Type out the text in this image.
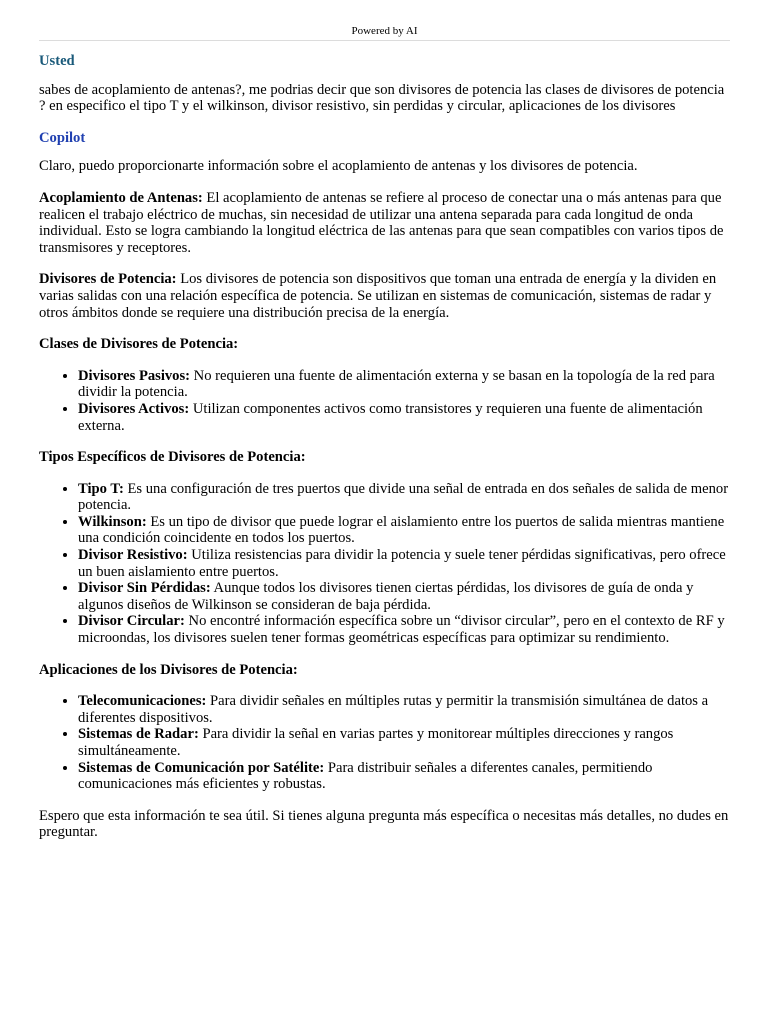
Powered by AI
Usted

sabes de acoplamiento de antenas?, me podrias decir que son divisores de potencia las clases de divisores de potencia ? en especifico el tipo T y el wilkinson, divisor resistivo, sin perdidas y circular, aplicaciones de los divisores

Copilot

Claro, puedo proporcionarte información sobre el acoplamiento de antenas y los divisores de potencia.

Acoplamiento de Antenas: El acoplamiento de antenas se refiere al proceso de conectar una o más antenas para que realicen el trabajo eléctrico de muchas, sin necesidad de utilizar una antena separada para cada longitud de onda individual. Esto se logra cambiando la longitud eléctrica de las antenas para que sean compatibles con varios tipos de transmisores y receptores.

Divisores de Potencia: Los divisores de potencia son dispositivos que toman una entrada de energía y la dividen en varias salidas con una relación específica de potencia. Se utilizan en sistemas de comunicación, sistemas de radar y otros ámbitos donde se requiere una distribución precisa de la energía.

Clases de Divisores de Potencia:
• Divisores Pasivos: No requieren una fuente de alimentación externa y se basan en la topología de la red para dividir la potencia.
• Divisores Activos: Utilizan componentes activos como transistores y requieren una fuente de alimentación externa.
Tipos Específicos de Divisores de Potencia:
• Tipo T: Es una configuración de tres puertos que divide una señal de entrada en dos señales de salida de menor potencia.
• Wilkinson: Es un tipo de divisor que puede lograr el aislamiento entre los puertos de salida mientras mantiene una condición coincidente en todos los puertos.
• Divisor Resistivo: Utiliza resistencias para dividir la potencia y suele tener pérdidas significativas, pero ofrece un buen aislamiento entre puertos.
• Divisor Sin Pérdidas: Aunque todos los divisores tienen ciertas pérdidas, los divisores de guía de onda y algunos diseños de Wilkinson se consideran de baja pérdida.
• Divisor Circular: No encontré información específica sobre un “divisor circular”, pero en el contexto de RF y microondas, los divisores suelen tener formas geométricas específicas para optimizar su rendimiento.
Aplicaciones de los Divisores de Potencia:
• Telecomunicaciones: Para dividir señales en múltiples rutas y permitir la transmisión simultánea de datos a diferentes dispositivos.
• Sistemas de Radar: Para dividir la señal en varias partes y monitorear múltiples direcciones y rangos simultáneamente.
• Sistemas de Comunicación por Satélite: Para distribuir señales a diferentes canales, permitiendo comunicaciones más eficientes y robustas.

Espero que esta información te sea útil. Si tienes alguna pregunta más específica o necesitas más detalles, no dudes en preguntar.
